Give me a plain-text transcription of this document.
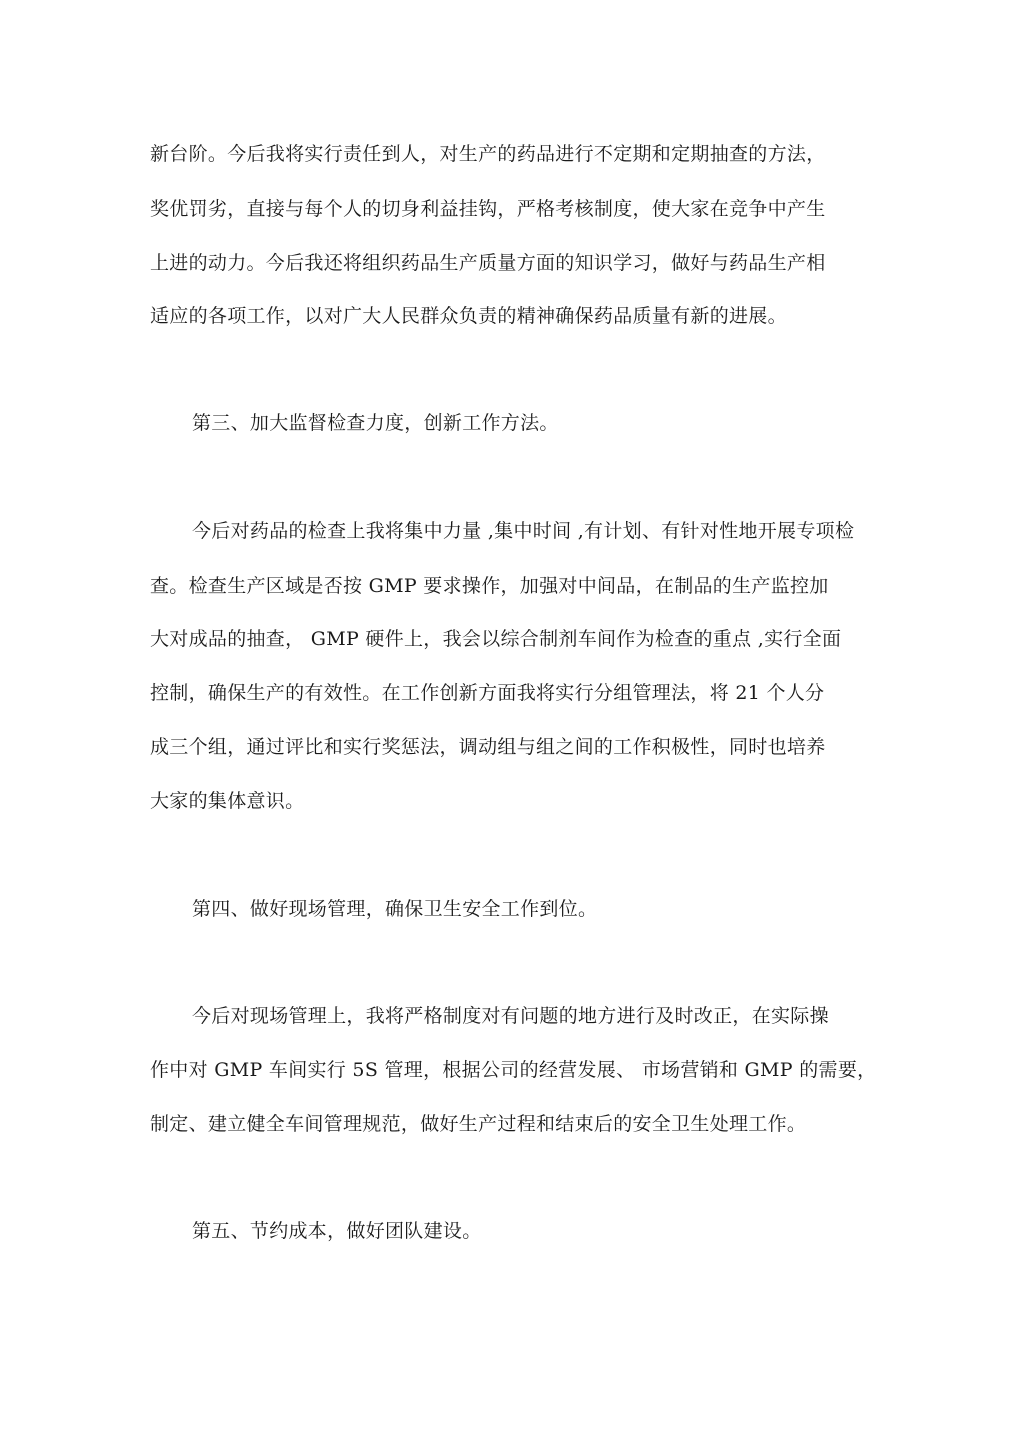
新台阶。今后我将实行责任到人，对生产的药品进行不定期和定期抽查的方法，
奖优罚劣，直接与每个人的切身利益挂钩，严格考核制度，使大家在竞争中产生
上进的动力。今后我还将组织药品生产质量方面的知识学习，做好与药品生产相
适应的各项工作，以对广大人民群众负责的精神确保药品质量有新的进展。
第三、加大监督检查力度，创新工作方法。
今后对药品的检查上我将集中力量 ,集中时间 ,有计划、有针对性地开展专项检
查。检查生产区域是否按 GMP 要求操作，加强对中间品，在制品的生产监控加
大对成品的抽查， GMP 硬件上，我会以综合制剂车间作为检查的重点 ,实行全面
控制，确保生产的有效性。在工作创新方面我将实行分组管理法，将 21 个人分
成三个组，通过评比和实行奖惩法，调动组与组之间的工作积极性，同时也培养
大家的集体意识。
第四、做好现场管理，确保卫生安全工作到位。
今后对现场管理上，我将严格制度对有问题的地方进行及时改正，在实际操
作中对 GMP 车间实行 5S 管理，根据公司的经营发展、 市场营销和 GMP 的需要，
制定、建立健全车间管理规范，做好生产过程和结束后的安全卫生处理工作。
第五、节约成本，做好团队建设。
